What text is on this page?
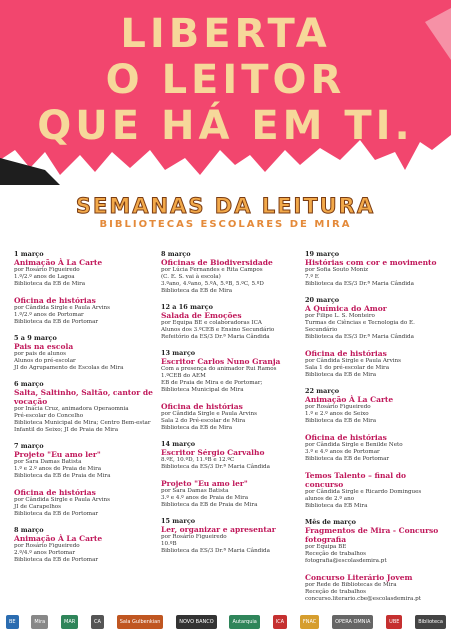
LIBERTA
O LEITOR
QUE HÁ EM TI.
SEMANAS DA LEITURA
BIBLIOTECAS ESCOLARES DE MIRA
1 março
Animação À La Carte
por Rosário Figueiredo
1.º/2.º anos de Lagoa
Biblioteca da EB de Mira
Oficina de histórias
por Cândida Sirgle e Paula Arvins
1.º/2.º anos de Portomar
Biblioteca da EB de Portomar
5 a 9 março
Pais na escola
por pais de alunos
Alunos do pré-escolar
JI do Agrupamento de Escolas de Mira
6 março
Salta, Saltinho, Saltão, cantor de vocação
por Inácia Cruz, animadora Operaomnia
Pré-escolar do Concelho
Biblioteca Municipal de Mira; Centro Bem-estar
Infantil do Seixo; JI de Praia de Mira
7 março
Projeto "Eu amo ler"
por Sara Damas Batista
1.º e 2.º anos de Praia de Mira
Biblioteca da EB de Praia de Mira
Oficina de histórias
por Cândida Sirgle e Paula Arvins
JI de Carapelhos
Biblioteca da EB de Portomar
8 março
Animação À La Carte
por Rosário Figueiredo
2.º/4.º anos Portomar
Biblioteca da EB de Portomar
8 março
Oficinas de Biodiversidade
por Lúcia Fernandes e Rita Campos
(C. E. S. vai à escola)
3.ºano, 4.ºano, 5.ºA, 5.ºB, 5.ºC, 5.ºD
Biblioteca da EB de Mira
12 a 16 março
Salada de Emoções
por Equipa BE e colaboradoras ICA
Alunos dos 3.ºCEB e Ensino Secundário
Refeitório da ES/3 Dr.ª Maria Cândida
13 março
Escritor Carlos Nuno Granja
Com a presença do animador Rui Ramos
1.ºCEB do AEM
EB de Praia de Mira e de Portomar;
Biblioteca Municipal de Mira
Oficina de histórias
por Cândida Sirgle e Paula Arvins
Sala 2 do Pré-escolar de Mira
Biblioteca da EB de Mira
14 março
Escritor Sérgio Carvalho
8.ºE, 10.ºD, 11.ºB e 12.ºC
Biblioteca da ES/3 Dr.ª Maria Cândida
Projeto "Eu amo ler"
por Sara Damas Batista
3.º e 4.º anos de Praia de Mira
Biblioteca da EB de Praia de Mira
15 março
Ler, organizar e apresentar
por Rosário Figueiredo
10.ºB
Biblioteca da ES/3 Dr.ª Maria Cândida
19 março
Histórias com cor e movimento
por Sofia Souto Moniz
7.º E
Biblioteca da ES/3 Dr.ª Maria Cândida
20 março
A Química do Amor
por Filipe L. S. Monteiro
Turmas de Ciências e Tecnologia do E. Secundário
Biblioteca da ES/3 Dr.ª Maria Cândida
Oficina de histórias
por Cândida Sirgle e Paula Arvins
Sala 1 do pré-escolar de Mira
Biblioteca da EB de Mira
22 março
Animação À La Carte
por Rosário Figueiredo
1.º e 2.º anos de Seixo
Biblioteca da EB de Mira
Oficina de histórias
por Cândida Sirgle e Benilde Neto
3.º e 4.º anos de Portomar
Biblioteca da EB de Portomar
Temos Talento – final do concurso
por Cândida Sirgle e Ricardo Domingues
alunos de 2.º ano
Biblioteca da EB Mira
Mês de março
Fragmentos de Mira - Concurso fotografia
por Equipa BE
Receção de trabalhos
fotografia@escolasdemira.pt
Concurso Literário Jovem
por Rede de Bibliotecas de Mira
Receção de trabalhos
concurso.literario.cbe@escolasdemira.pt
BE	Mira	MAR	CA	Sala Gulbenkian	NOVO BANCO	Autarquia	ICA	FNAC	OPERA OMNIA	UBE	Biblioteca
